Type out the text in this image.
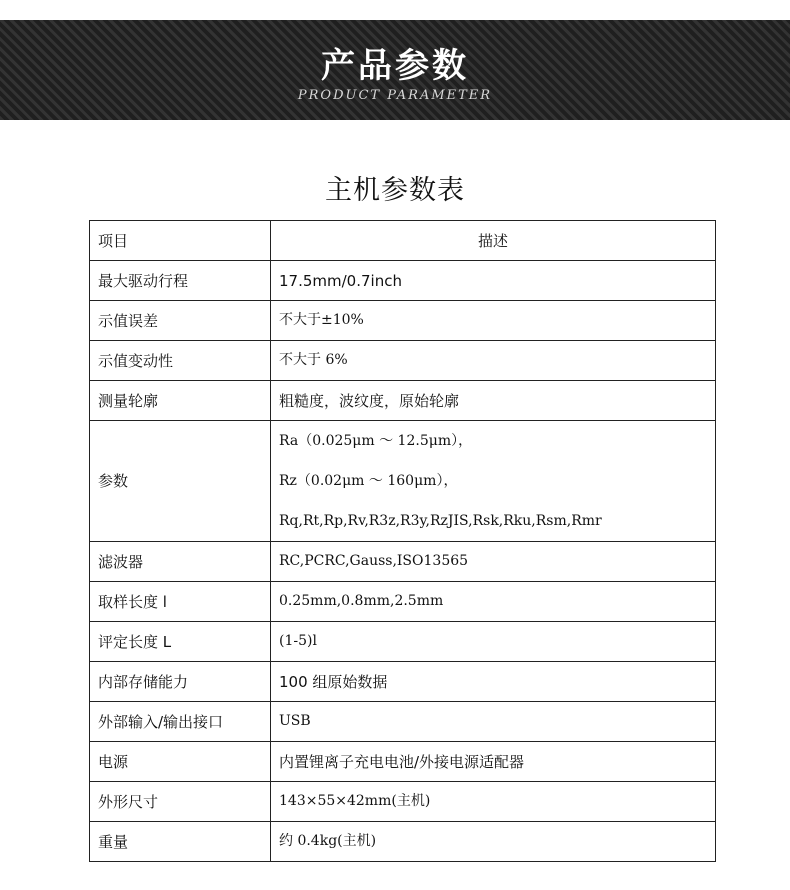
产品参数
PRODUCT PARAMETER
主机参数表
项目	描述
最大驱动行程	17.5mm/0.7inch
示值误差	不大于±10%
示值变动性	不大于 6%
测量轮廓	粗糙度，波纹度，原始轮廓
参数	Ra（0.025μm ～ 12.5μm），
Rz（0.02μm ～ 160μm），
Rq,Rt,Rp,Rv,R3z,R3y,RzJIS,Rsk,Rku,Rsm,Rmr

滤波器	RC,PCRC,Gauss,ISO13565
取样长度 l	0.25mm,0.8mm,2.5mm
评定长度 L	(1-5)l
内部存储能力	100 组原始数据
外部输入/输出接口	USB
电源	内置锂离子充电电池/外接电源适配器
外形尺寸	143×55×42mm(主机)
重量	约 0.4kg(主机)
